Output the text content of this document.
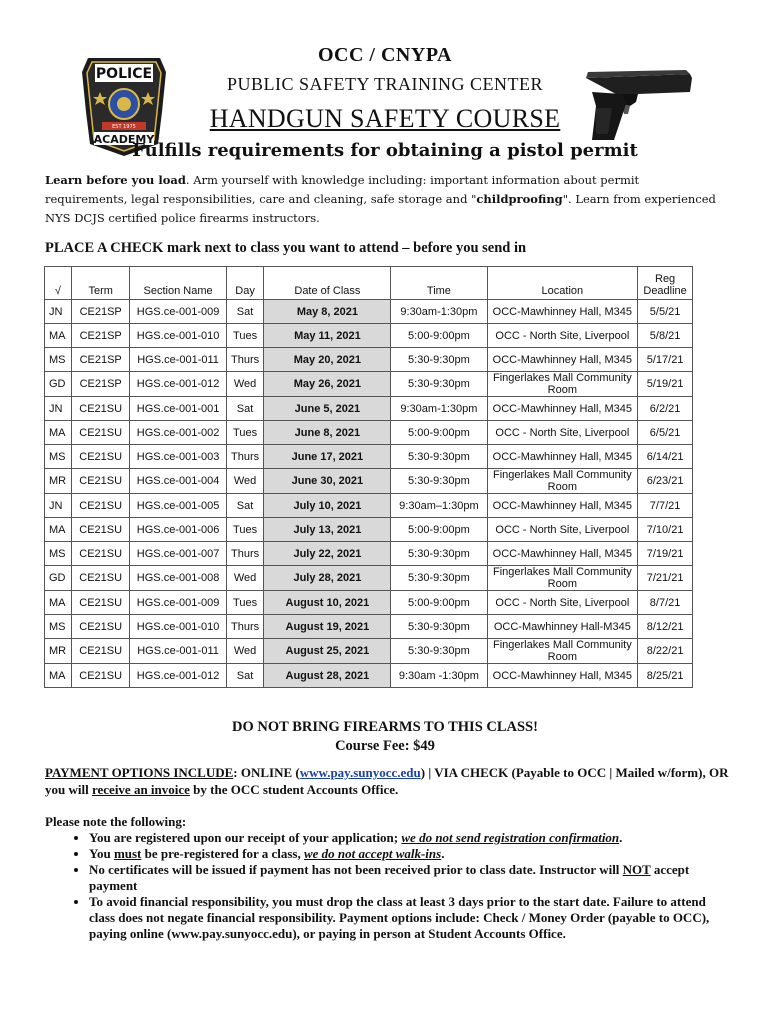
POLICE
EST 1975
ACADEMY
OCC / CNYPA
PUBLIC SAFETY TRAINING CENTER
HANDGUN SAFETY COURSE
Fulfills requirements for obtaining a pistol permit
Learn before you load. Arm yourself with knowledge including: important information about permit requirements, legal responsibilities, care and cleaning, safe storage and "childproofing". Learn from experienced NYS DCJS certified police firearms instructors.
PLACE A CHECK mark next to class you want to attend – before you send in
√	Term	Section Name	Day	Date of Class	Time	Location	Reg Deadline
JN	CE21SP	HGS.ce-001-009	Sat	May 8, 2021	9:30am-1:30pm	OCC-Mawhinney Hall, M345	5/5/21
MA	CE21SP	HGS.ce-001-010	Tues	May 11, 2021	5:00-9:00pm	OCC - North Site, Liverpool	5/8/21
MS	CE21SP	HGS.ce-001-011	Thurs	May 20, 2021	5:30-9:30pm	OCC-Mawhinney Hall, M345	5/17/21
GD	CE21SP	HGS.ce-001-012	Wed	May 26, 2021	5:30-9:30pm	Fingerlakes Mall Community Room	5/19/21
JN	CE21SU	HGS.ce-001-001	Sat	June 5, 2021	9:30am-1:30pm	OCC-Mawhinney Hall, M345	6/2/21
MA	CE21SU	HGS.ce-001-002	Tues	June 8, 2021	5:00-9:00pm	OCC - North Site, Liverpool	6/5/21
MS	CE21SU	HGS.ce-001-003	Thurs	June 17, 2021	5:30-9:30pm	OCC-Mawhinney Hall, M345	6/14/21
MR	CE21SU	HGS.ce-001-004	Wed	June 30, 2021	5:30-9:30pm	Fingerlakes Mall Community Room	6/23/21
JN	CE21SU	HGS.ce-001-005	Sat	July 10, 2021	9:30am–1:30pm	OCC-Mawhinney Hall, M345	7/7/21
MA	CE21SU	HGS.ce-001-006	Tues	July 13, 2021	5:00-9:00pm	OCC - North Site, Liverpool	7/10/21
MS	CE21SU	HGS.ce-001-007	Thurs	July 22, 2021	5:30-9:30pm	OCC-Mawhinney Hall, M345	7/19/21
GD	CE21SU	HGS.ce-001-008	Wed	July 28, 2021	5:30-9:30pm	Fingerlakes Mall Community Room	7/21/21
MA	CE21SU	HGS.ce-001-009	Tues	August 10, 2021	5:00-9:00pm	OCC - North Site, Liverpool	8/7/21
MS	CE21SU	HGS.ce-001-010	Thurs	August 19, 2021	5:30-9:30pm	OCC-Mawhinney Hall-M345	8/12/21
MR	CE21SU	HGS.ce-001-011	Wed	August 25, 2021	5:30-9:30pm	Fingerlakes Mall Community Room	8/22/21
MA	CE21SU	HGS.ce-001-012	Sat	August 28, 2021	9:30am -1:30pm	OCC-Mawhinney Hall, M345	8/25/21
DO NOT BRING FIREARMS TO THIS CLASS!
Course Fee: $49
PAYMENT OPTIONS INCLUDE: ONLINE (www.pay.sunyocc.edu) | VIA CHECK (Payable to OCC | Mailed w/form), OR you will receive an invoice by the OCC student Accounts Office.
Please note the following:
• You are registered upon our receipt of your application; we do not send registration confirmation.
• You must be pre-registered for a class, we do not accept walk-ins.
• No certificates will be issued if payment has not been received prior to class date. Instructor will NOT accept payment
• To avoid financial responsibility, you must drop the class at least 3 days prior to the start date. Failure to attend class does not negate financial responsibility. Payment options include: Check / Money Order (payable to OCC), paying online (www.pay.sunyocc.edu), or paying in person at Student Accounts Office.
